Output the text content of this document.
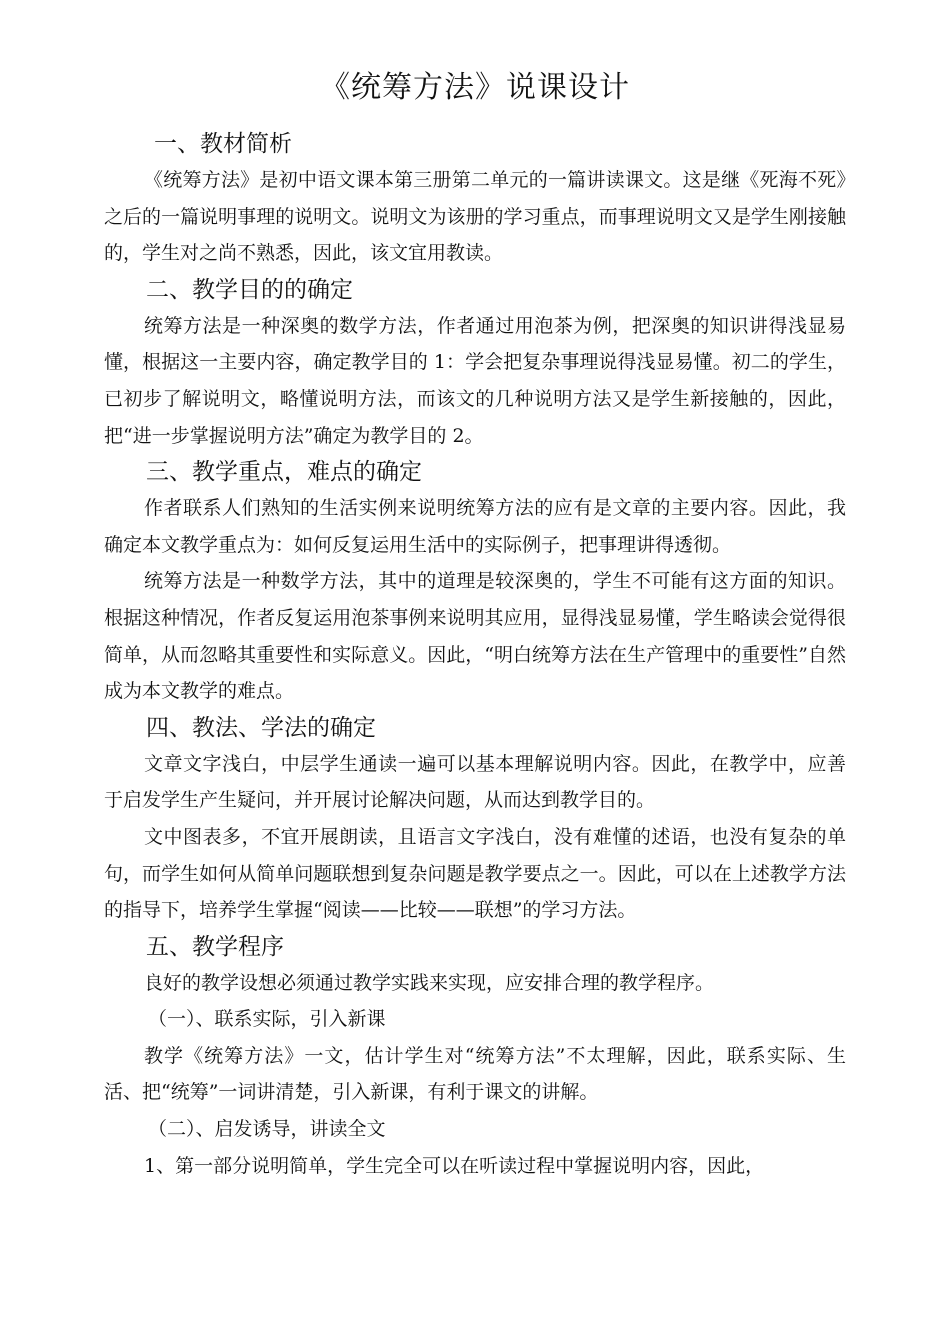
《统筹方法》说课设计
一、教材简析

《统筹方法》是初中语文课本第三册第二单元的一篇讲读课文。这是继《死海不死》之后的一篇说明事理的说明文。说明文为该册的学习重点，而事理说明文又是学生刚接触的，学生对之尚不熟悉，因此，该文宜用教读。

二、教学目的的确定

统筹方法是一种深奥的数学方法，作者通过用泡茶为例，把深奥的知识讲得浅显易懂，根据这一主要内容，确定教学目的 1：学会把复杂事理说得浅显易懂。初二的学生，已初步了解说明文，略懂说明方法，而该文的几种说明方法又是学生新接触的，因此，把“进一步掌握说明方法”确定为教学目的 2。

三、教学重点，难点的确定

作者联系人们熟知的生活实例来说明统筹方法的应有是文章的主要内容。因此，我确定本文教学重点为：如何反复运用生活中的实际例子，把事理讲得透彻。

统筹方法是一种数学方法，其中的道理是较深奥的，学生不可能有这方面的知识。根据这种情况，作者反复运用泡茶事例来说明其应用，显得浅显易懂，学生略读会觉得很简单，从而忽略其重要性和实际意义。因此，“明白统筹方法在生产管理中的重要性”自然成为本文教学的难点。

四、教法、学法的确定

文章文字浅白，中层学生通读一遍可以基本理解说明内容。因此，在教学中，应善于启发学生产生疑问，并开展讨论解决问题，从而达到教学目的。

文中图表多，不宜开展朗读，且语言文字浅白，没有难懂的述语，也没有复杂的单句，而学生如何从简单问题联想到复杂问题是教学要点之一。因此，可以在上述教学方法的指导下，培养学生掌握“阅读——比较——联想”的学习方法。

五、教学程序

良好的教学设想必须通过教学实践来实现，应安排合理的教学程序。

（一）、联系实际，引入新课

教学《统筹方法》一文，估计学生对“统筹方法”不太理解，因此，联系实际、生活、把“统筹”一词讲清楚，引入新课，有利于课文的讲解。

（二）、启发诱导，讲读全文

1、第一部分说明简单，学生完全可以在听读过程中掌握说明内容，因此，
